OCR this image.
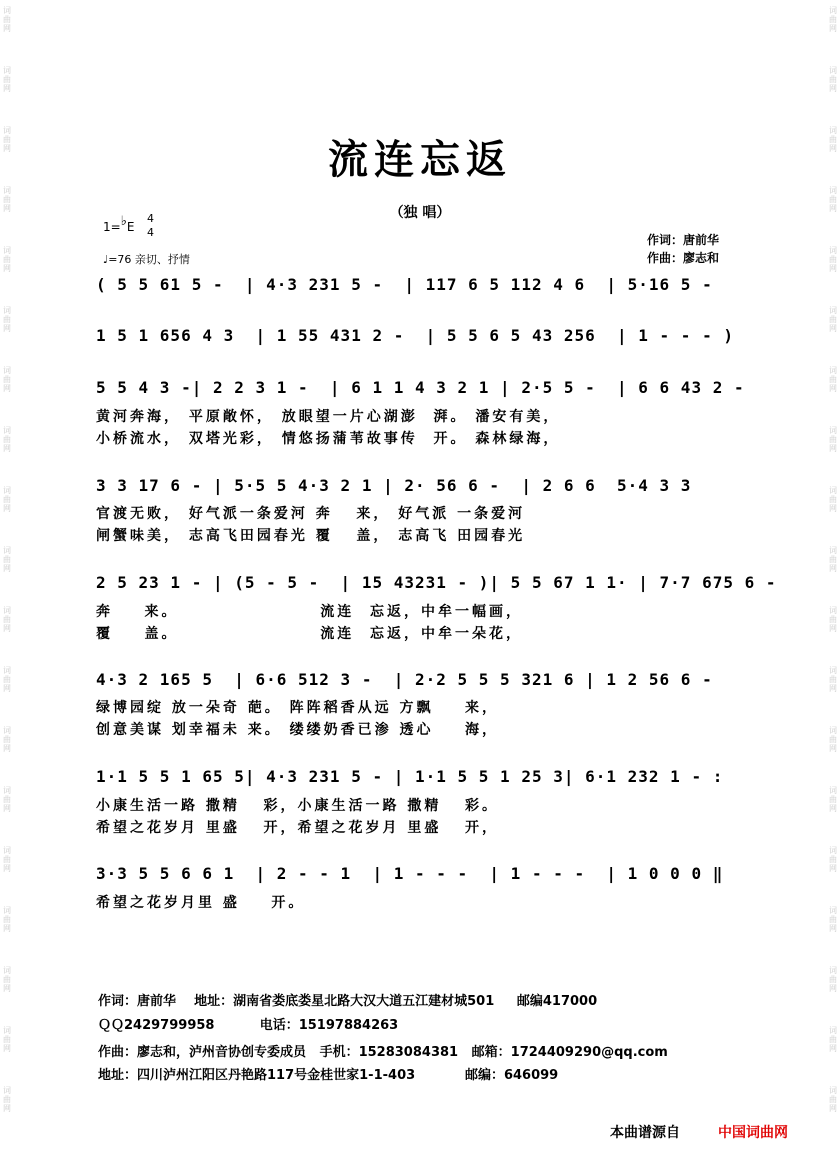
词
曲
网
词
曲
网
词
曲
网
词
曲
网
词
曲
网
词
曲
网
词
曲
网
词
曲
网
词
曲
网
词
曲
网
词
曲
网
词
曲
网
词
曲
网
词
曲
网
词
曲
网
词
曲
网
词
曲
网
词
曲
网
词
曲
网
词
曲
网
词
曲
网
词
曲
网
词
曲
网
词
曲
网
词
曲
网
词
曲
网
词
曲
网
词
曲
网
词
曲
网
词
曲
网
词
曲
网
词
曲
网
词
曲
网
词
曲
网
词
曲
网
词
曲
网
词
曲
网
词
曲
网
流连忘返
（独 唱）
1=♭E
4
4
♩=76 亲切、抒情
作词：唐前华
作曲：廖志和
( 5 5 61 5 -  | 4·3 231 5 -  | 117 6 5 112 4 6  | 5·16 5 -
1 5 1 656 4 3  | 1 55 431 2 -  | 5 5 6 5 43 256  | 1 - - - )
5 5 4 3 -| 2 2 3 1 -  | 6 1 1 4 3 2 1 | 2·5 5 -  | 6 6 43 2 -
黄河奔海， 平原敞怀， 放眼望一片心湖澎  湃。 潘安有美，
小桥流水， 双塔光彩， 情悠扬蒲苇故事传  开。 森林绿海，
3 3 17 6 - | 5·5 5 4·3 2 1 | 2· 56 6 -  | 2 6 6  5·4 3 3
官渡无败， 好气派一条爱河 奔   来， 好气派 一条爱河
闸蟹味美， 志高飞田园春光 覆   盖， 志高飞 田园春光
2 5 23 1 - | (5 - 5 -  | 15 43231 - )| 5 5 67 1 1· | 7·7 675 6 -
奔    来。                  流连  忘返，中牟一幅画，
覆    盖。                  流连  忘返，中牟一朵花，
4·3 2 165 5  | 6·6 512 3 -  | 2·2 5 5 5 321 6 | 1 2 56 6 -
绿博园绽 放一朵奇 葩。 阵阵稻香从远 方飘    来，
创意美谋 划幸福未 来。 缕缕奶香已渗 透心    海，
1·1 5 5 1 65 5| 4·3 231 5 - | 1·1 5 5 1 25 3| 6·1 232 1 - :
小康生活一路 撒精   彩，小康生活一路 撒精   彩。
希望之花岁月 里盛   开，希望之花岁月 里盛   开，
3·3 5 5 6 6 1  | 2 - - 1  | 1 - - -  | 1 - - -  | 1 0 0 0 ‖
希望之花岁月里 盛    开。
作词：唐前华    地址：湖南省娄底娄星北路大汉大道五江建材城501     邮编417000
ＱＱ2429799958          电话：15197884263
作曲：廖志和，泸州音协创专委成员   手机：15283084381   邮箱：1724409290@qq.com
地址：四川泸州江阳区丹艳路117号金桂世家1-1-403           邮编：646099
本曲谱源自	中国词曲网
